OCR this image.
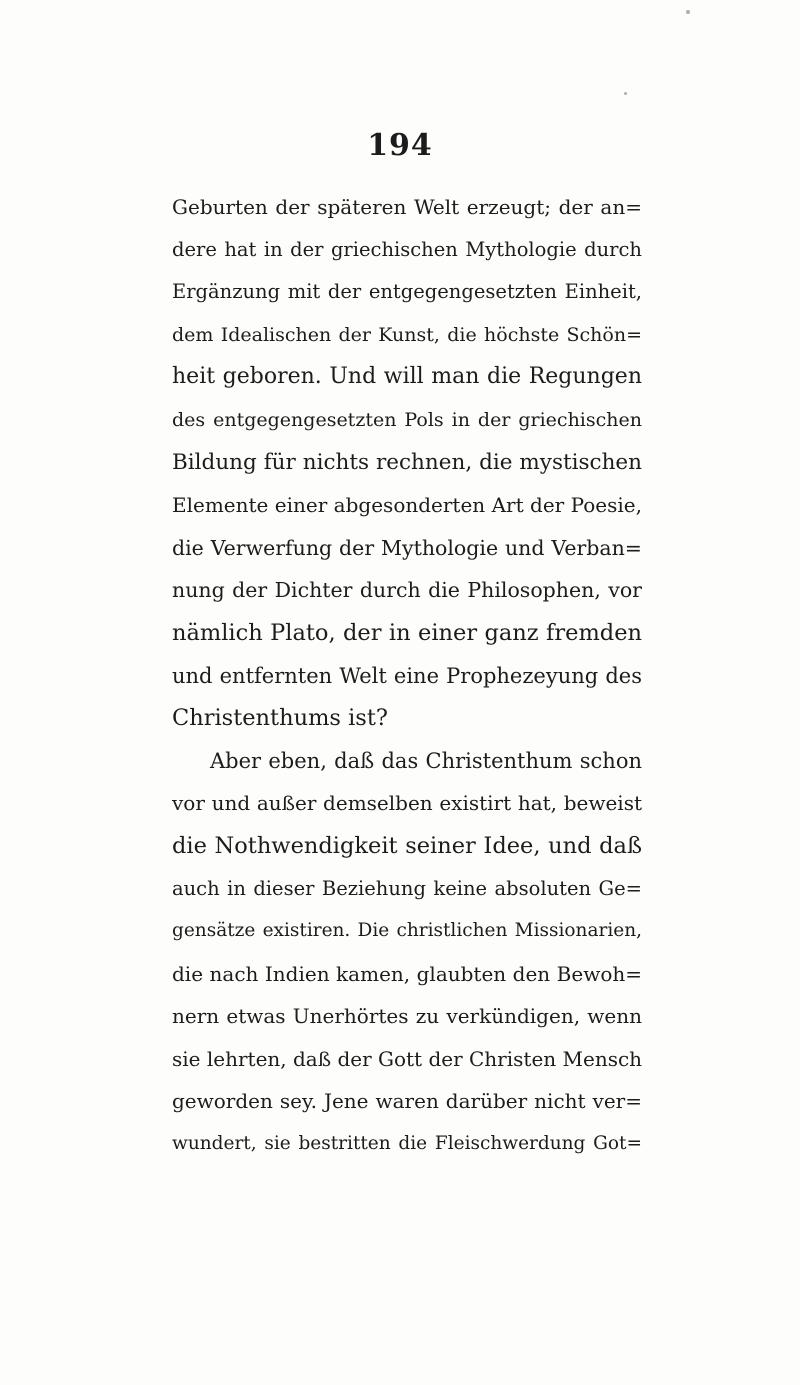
194
Geburten der späteren Welt erzeugt; der an=
dere hat in der griechischen Mythologie durch
Ergänzung mit der entgegengesetzten Einheit,
dem Idealischen der Kunst, die höchste Schön=
heit geboren. Und will man die Regungen
des entgegengesetzten Pols in der griechischen
Bildung für nichts rechnen, die mystischen
Elemente einer abgesonderten Art der Poesie,
die Verwerfung der Mythologie und Verban=
nung der Dichter durch die Philosophen, vor
nämlich Plato, der in einer ganz fremden
und entfernten Welt eine Prophezeyung des
Christenthums ist?
Aber eben, daß das Christenthum schon
vor und außer demselben existirt hat, beweist
die Nothwendigkeit seiner Idee, und daß
auch in dieser Beziehung keine absoluten Ge=
gensätze existiren. Die christlichen Missionarien,
die nach Indien kamen, glaubten den Bewoh=
nern etwas Unerhörtes zu verkündigen, wenn
sie lehrten, daß der Gott der Christen Mensch
geworden sey. Jene waren darüber nicht ver=
wundert, sie bestritten die Fleischwerdung Got=
